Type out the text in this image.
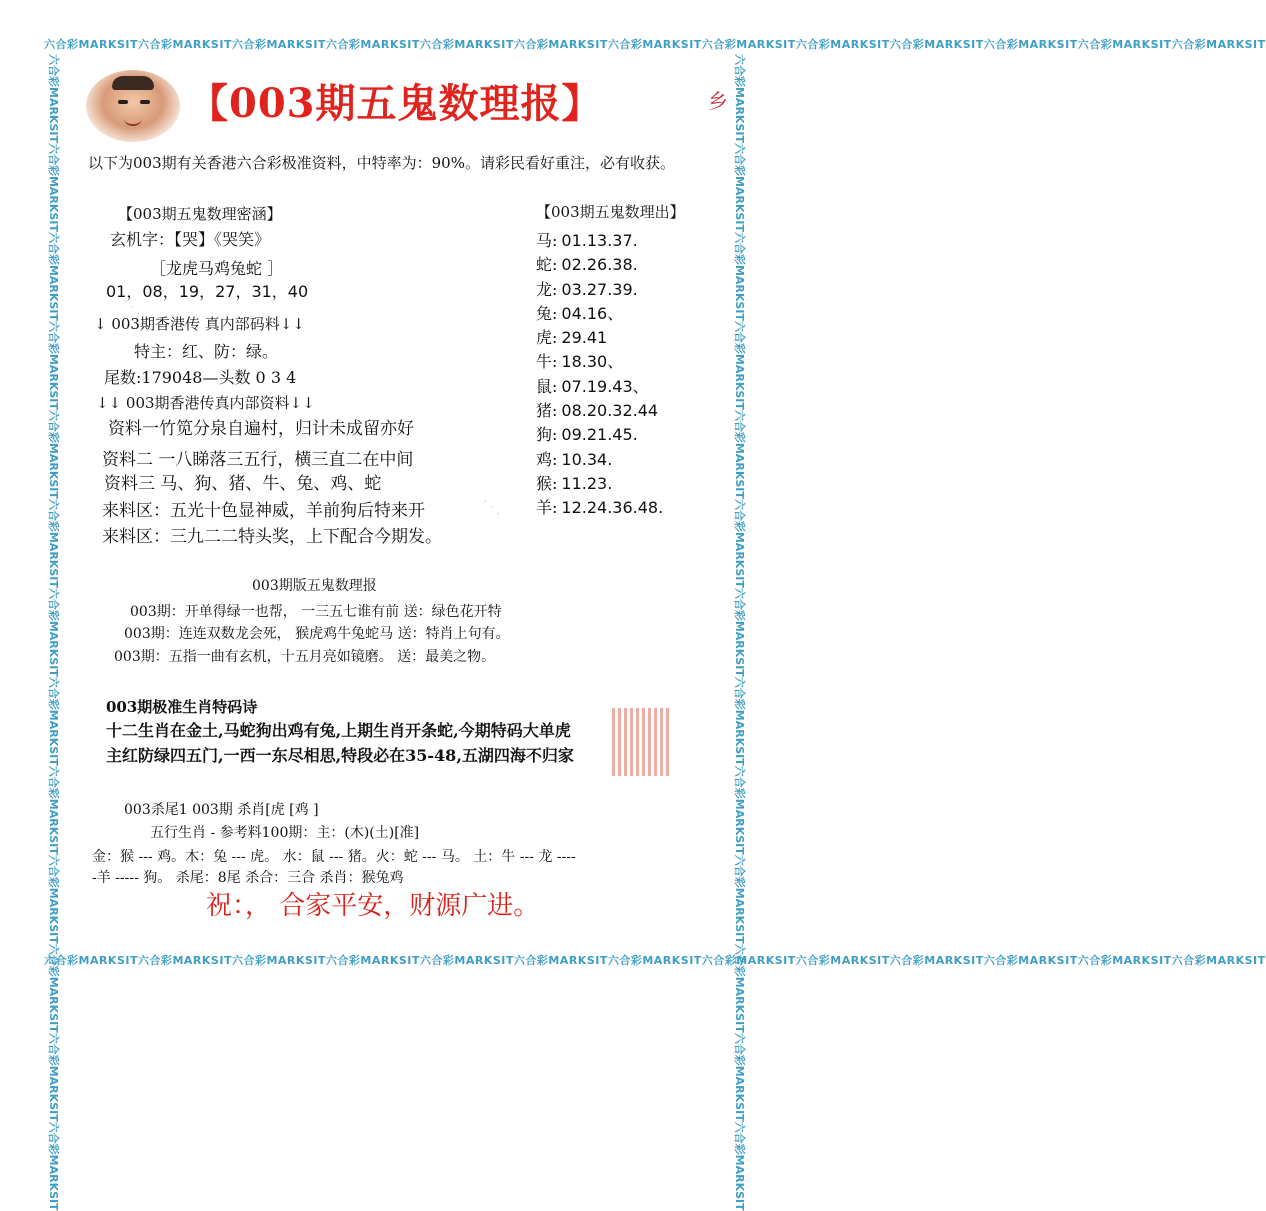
六合彩MARKSIT六合彩MARKSIT六合彩MARKSIT六合彩MARKSIT六合彩MARKSIT六合彩MARKSIT六合彩MARKSIT六合彩MARKSIT六合彩MARKSIT六合彩MARKSIT六合彩MARKSIT六合彩MARKSIT六合彩MARKSIT
六合彩MARKSIT六合彩MARKSIT六合彩MARKSIT六合彩MARKSIT六合彩MARKSIT六合彩MARKSIT六合彩MARKSIT六合彩MARKSIT六合彩MARKSIT六合彩MARKSIT六合彩MARKSIT六合彩MARKSIT六合彩MARKSIT
六合彩MARKSIT六合彩MARKSIT六合彩MARKSIT六合彩MARKSIT六合彩MARKSIT六合彩MARKSIT六合彩MARKSIT六合彩MARKSIT六合彩MARKSIT六合彩MARKSIT六合彩MARKSIT六合彩MARKSIT六合彩MARKSIT	六合彩MARKSIT六合彩MARKSIT六合彩MARKSIT六合彩MARKSIT六合彩MARKSIT六合彩MARKSIT六合彩MARKSIT六合彩MARKSIT六合彩MARKSIT六合彩MARKSIT六合彩MARKSIT六合彩MARKSIT六合彩MARKSIT
· · ·
· · ·
【003期五鬼数理报】	乡
以下为003期有关香港六合彩极准资料，中特率为：90%。请彩民看好重注，必有收获。
【003期五鬼数理密涵】
玄机字：【哭】《哭笑》
［龙虎马鸡兔蛇 ］
01，08，19，27，31，40
↓ 003期香港传 真内部码料↓↓
特主：红、防：绿。
尾数:179048—头数 0 3 4
↓↓ 003期香港传真内部资料↓↓
资料一竹笕分泉自遍村，归计未成留亦好
资料二 一八睇落三五行，横三直二在中间
资料三 马、狗、猪、牛、兔、鸡、蛇
来料区：五光十色显神威，羊前狗后特来开
来料区：三九二二特头奖，上下配合今期发。
【003期五鬼数理出】
马: 01.13.37.
蛇: 02.26.38.
龙: 03.27.39.
兔: 04.16、
虎: 29.41
牛: 18.30、
鼠: 07.19.43、
猪: 08.20.32.44
狗: 09.21.45.
鸡: 10.34.
猴: 11.23.
羊: 12.24.36.48.
003期版五鬼数理报
003期：开单得绿一也帮， 一三五七谁有前 送：绿色花开特
003期：连连双数龙会死， 猴虎鸡牛兔蛇马 送：特肖上句有。
003期：五指一曲有玄机，十五月亮如镜磨。 送：最美之物。
003期极准生肖特码诗
十二生肖在金土,马蛇狗出鸡有兔,上期生肖开条蛇,今期特码大单虎
主红防绿四五门,一西一东尽相思,特段必在35-48,五湖四海不归家
003杀尾1 003期 杀肖[虎 [鸡 ]
五行生肖 - 参考料100期：主：(木)(土)[准]
金：猴 --- 鸡。木：兔 --- 虎。 水：鼠 --- 猪。火：蛇 --- 马。 土：牛 --- 龙 ----
-羊 ----- 狗。 杀尾：8尾 杀合：三合 杀肖：猴兔鸡
祝：， 合家平安，财源广进。
